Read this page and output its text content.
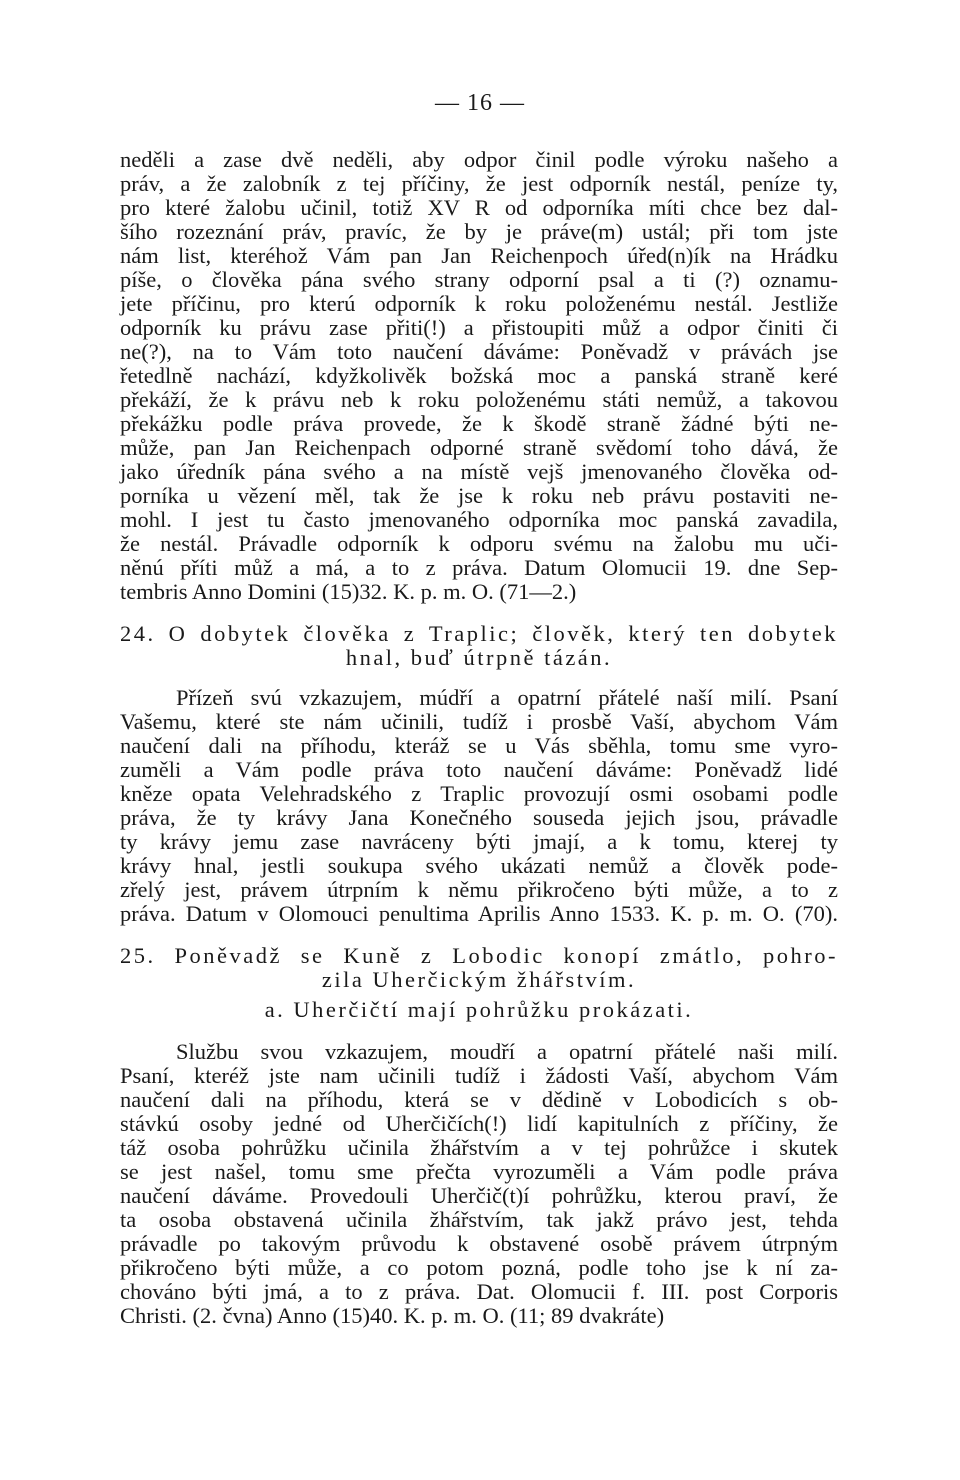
— 16 —

neděli a zase dvě neděli, aby odpor činil podle výroku našeho a

práv, a že zalobník z tej příčiny, že jest odporník nestál, peníze ty,

pro které žalobu učinil, totiž XV R od odporníka míti chce bez dal-

šího rozeznání práv, pravíc, že by je práve(m) ustál; při tom jste

nám list, kteréhož Vám pan Jan Reichenpoch úřed(n)ík na Hrádku

píše, o člověka pána svého strany odporní psal a ti (?) oznamu-

jete příčinu, pro kterú odporník k roku položenému nestál. Jestliže

odporník ku právu zase přiti(!) a přistoupiti můž a odpor činiti či

ne(?), na to Vám toto naučení dáváme: Poněvadž v právách jse

řetedlně nachází, kdyžkolivěk božská moc a panská straně keré

překáží, že k právu neb k roku položenému státi nemůž, a takovou

překážku podle práva provede, že k škodě straně žádné býti ne-

může, pan Jan Reichenpach odporné straně svědomí toho dává, že

jako úředník pána svého a na místě vejš jmenovaného člověka od-

porníka u vězení měl, tak že jse k roku neb právu postaviti ne-

mohl. I jest tu často jmenovaného odporníka moc panská zavadila,

že nestál. Právadle odporník k odporu svému na žalobu mu uči-

něnú příti můž a má, a to z práva. Datum Olomucii 19. dne Sep-

tembris Anno Domini (15)32. K. p. m. O. (71—2.)

24. O dobytek člověka z Traplic; člověk, který ten dobytek

hnal, buď útrpně tázán.

Přízeň svú vzkazujem, múdří a opatrní přátelé naší milí. Psaní

Vašemu, které ste nám učinili, tudíž i prosbě Vaší, abychom Vám

naučení dali na příhodu, kteráž se u Vás sběhla, tomu sme vyro-

zuměli a Vám podle práva toto naučení dáváme: Poněvadž lidé

kněze opata Velehradského z Traplic provozují osmi osobami podle

práva, že ty krávy Jana Konečného souseda jejich jsou, právadle

ty krávy jemu zase navráceny býti jmají, a k tomu, kterej ty

krávy hnal, jestli soukupa svého ukázati nemůž a člověk pode-

zřelý jest, právem útrpním k němu přikročeno býti může, a to z

práva. Datum v Olomouci penultima Aprilis Anno 1533. K. p. m. O. (70).

25. Poněvadž se Kuně z Lobodic konopí zmátlo, pohro-

zila Uherčickým žhářstvím.

a. Uherčičtí mají pohrůžku prokázati.

Službu svou vzkazujem, moudří a opatrní přátelé naši milí.

Psaní, kteréž jste nam učinili tudíž i žádosti Vaší, abychom Vám

naučení dali na příhodu, která se v dědině v Lobodicích s ob-

stávkú osoby jedné od Uherčičích(!) lidí kapitulních z příčiny, že

táž osoba pohrůžku učinila žhářstvím a v tej pohrůžce i skutek

se jest našel, tomu sme přečta vyrozuměli a Vám podle práva

naučení dáváme. Provedouli Uherčič(t)í pohrůžku, kterou praví, že

ta osoba obstavená učinila žhářstvím, tak jakž právo jest, tehda

právadle po takovým průvodu k obstavené osobě právem útrpným

přikročeno býti může, a co potom pozná, podle toho jse k ní za-

chováno býti jmá, a to z práva. Dat. Olomucii f. III. post Corporis

Christi. (2. čvna) Anno (15)40. K. p. m. O. (11; 89 dvakráte)
